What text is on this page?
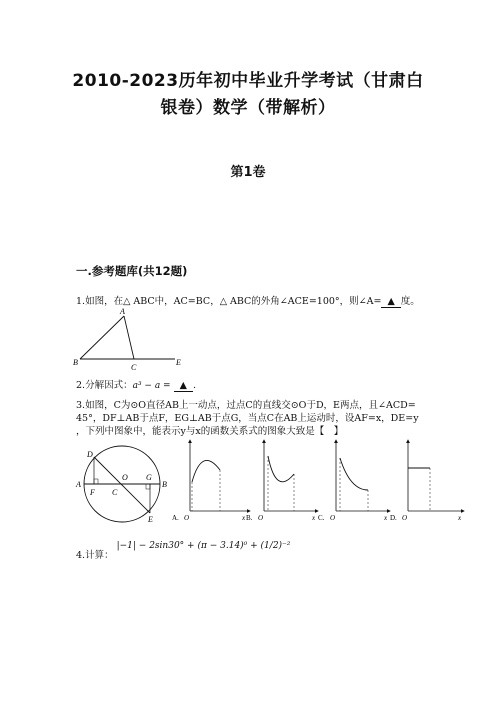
2010-2023历年初中毕业升学考试（甘肃白
银卷）数学（带解析）
第1卷
一.参考题库(共12题)
1.如图，在△ ABC中，AC=BC，△ ABC的外角∠ACE=100°，则∠A= ▲ 度。
A
B
C
E
2.分解因式：a³ − a = ▲ .
3.如图，C为⊙O直径AB上一动点，过点C的直线交⊙O于D，E两点，且∠ACD=
45°，DF⊥AB于点F，EG⊥AB于点G，当点C在AB上运动时，设AF=x，DE=y
，下列中图象中，能表示y与x的函数关系式的图象大致是【　】
D
A
F C
O G
B
E	A. O	x B. O	x C. O	x D. O	x
4.计算： |−1| − 2sin30° + (π − 3.14)⁰ + (1/2)⁻²
